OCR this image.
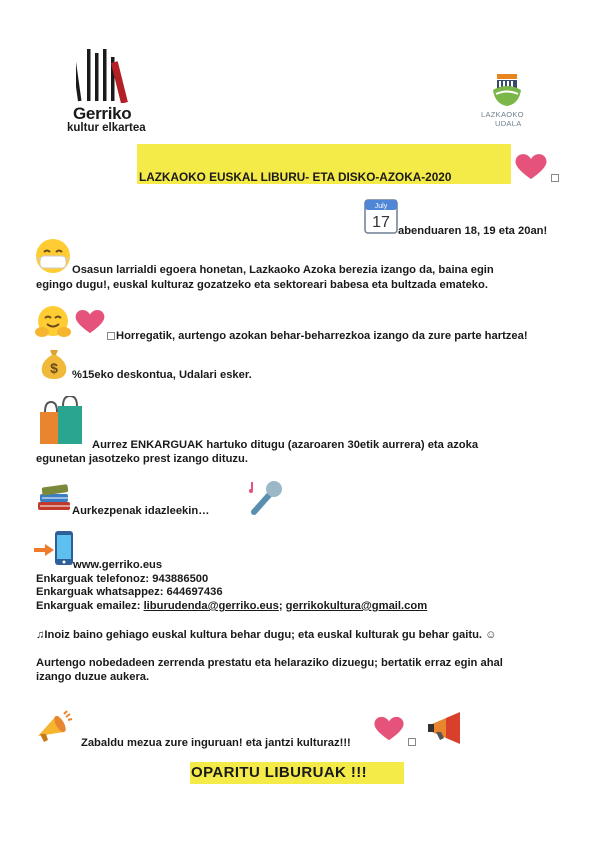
Gerriko
kultur elkartea
LAZKAOKO
UDALA
LAZKAOKO EUSKAL LIBURU- ETA DISKO-AZOKA-2020
July
17 abenduaren 18, 19 eta 20an!
Osasun larrialdi egoera honetan, Lazkaoko Azoka berezia izango da, baina egin
egingo dugu!, euskal kulturaz gozatzeko eta sektoreari babesa eta bultzada emateko.
Horregatik, aurtengo azokan behar-beharrezkoa izango da zure parte hartzea!
$ %15eko deskontua, Udalari esker.
Aurrez ENKARGUAK hartuko ditugu (azaroaren 30etik aurrera) eta azoka
egunetan jasotzeko prest izango dituzu.
Aurkezpenak idazleekin…
www.gerriko.eus
Enkarguak telefonoz: 943886500
Enkarguak whatsappez: 644697436
Enkarguak emailez: liburudenda@gerriko.eus; gerrikokultura@gmail.com
♫Inoiz baino gehiago euskal kultura behar dugu; eta euskal kulturak gu behar gaitu. ☺
Aurtengo nobedadeen zerrenda prestatu eta helaraziko dizuegu; bertatik erraz egin ahal
izango duzue aukera.
Zabaldu mezua zure inguruan! eta jantzi kulturaz!!!
OPARITU LIBURUAK !!!
